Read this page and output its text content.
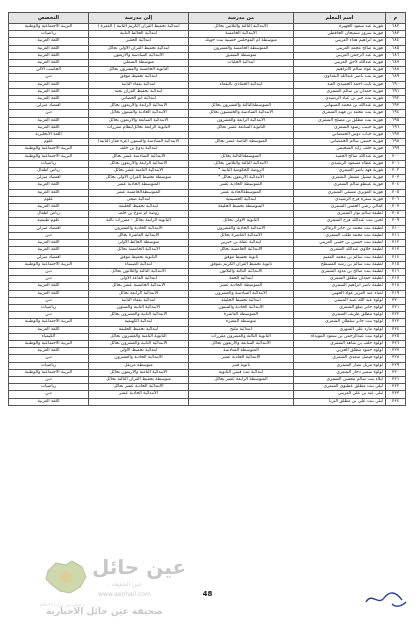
م	اسم المعلم	من مدرسة	إلى مدرسة	التخصص
٦٨٢	فوزية عيد سعود الجهيرة	الابتدائية الثالثة والثلاثين بحائل	ابتدائية تحفيظ القرآن الكريم الثانية ( الغفرة )	التربية الاجتماعية والوطنية
٦٨٣	فوزية سرور سميحان الحاقطي	الابتدائية الخامسة	ابتدائية الحائط الثانية	رياضيات
٦٨٤	فوزية ابراهيم هداء العريني	متوسطة ام الموحلس خضيبة بنت حويك	ابتدائية الحقير	اللغة العربية
٦٨٥	فوزية صالح محمد العريني	المتوسطة الخامسة والعشرون	ابتدائية تحفيظ القرآن الأولى بحائل	اللغة العربية
٦٨٦	فوزية عبد الرحمن العريني	متوسطة الشقيق	الابتدائية السادسة والأربعون	اللغة العربية
٦٨٧	فوزية عبدالله لاحق العريني	ابتدائية الحليات	متوسطة الشملي	اللغة العربية
٦٨٨	فوزية عواد سالم الابراهيم		الثانوية الخامسة والعشرون بحائل	الحاسب الآلي
٦٨٩	فوزية بنت ناصر عبدالله البغداوي		ابتدائية تحفيظ موقق	دين
٦٩٠	فوزية ثابت احمد الحميدي الغيد	ابتدائية الحمادي بالبقعاء	ابتدائية بقعاء الثانية	اللغة العربية
٦٩١	فوزية حمدان بن سالم الشمري		ابتدائية تحفيظ القرآن بجبة	اللغة العربية
٦٩٢	فوزية بنت جبر بن عياد الرشيدي		ابتدائية أبو الحصاني	اللغة العربية
٦٩٣	فوزية عبدالله بن محمد السبهاني	المتوسطةالثالثة والعشرون بحائل	الابتدائية الرابعة والأربعون بحائل	اقتصاد منزلي
٦٩٤	فوزية بنت محمد بن فهيد الشمري	الابتدائية السادسة والخمسون بحائل	الابتدائية الحادية والستون بحائل	دين
٦٩٥	فوزية بنت مطلق بن مصلح الشمري	الابتدائية الرابعة والعشرون	الابتدائية السابعة والأربعون بحائل	اللغة العربية
٦٩٦	فوزية حبيب رشود الشمري	الثانوية السابعة عشر بحائل	الثانوية الرابعة بحائل/نظام مقررات	اللغة العربية
٦٩٧	فوزية حباب دوس الحمضاني			اللغة الانجليزية
٦٩٨	فوزية حسين سالم الحمضاني	المتوسطة الثامنة عشر بحائل	الابتدائية السادسة والستون (غزة فقار الثانية)	علوم
٦٩٩	فوزية خلف زايد السحيمي		ابتدائية بدوع بن خلف	التربية الاجتماعية والوطنية
٧٠٠	فوزية عبدالله صالح الحميد	المتوسطةالثالثة بحائل	الابتدائية السادسة عشر بحائل	التربية الاجتماعية والوطنية
٧٠١	فوزية عطاء مسعود الرشيدي	الابتدائية الثالثة والثلاثين بحائل	الابتدائية الرابعة والأربعون بحائل	رياضيات
٧٠٢	فوزية فهد ناصر الشمري	الروضة الحكومية الثانية *	الابتدائية الثامنة عشر بحائل	رياض أطفال
٧٠٣	فوزية مشيل مشعل الشمري	الابتدائية الأربعون بحائل *	متوسطة تحفيظ القرآن الأولى بحائل	اقتصاد منزلي
٧٠٤	فوزية عبيطو سالم الشمري	المتوسطة الحادية عشر	المتوسطة الحادية عشر	اللغة العربية
٧٠٥	فوزية الغويري مسقي الشمري	المتوسطةالحادية عشر	المتوسطةالخامسة عشر	اللغة العربية
٧٠٦	فوزية سفرة فرج الرشيدي	ابتدائية الحسيمية	ابتدائية ضحى	علوم
٧٠٧	كمالي رضي الحسن الشمري	المتوسطة تحفيظ الحليفة	ابتدائية تحفيظ الحليفة	اللغة العربية
٧٠٨	لطيفة سالم نوار الشمري		روضة ام بدوع بن خلف	رياض أطفال
٧٠٩	لجين بنت عبدالله فرح الشمري	الثانوية الأولى بحائل	الثانوية الرابعة بحائل - مقررات ثالثة	علوم طبيعية
٧١٠	لطيفة بنت محمد بن جابر الرمالي	الابتدائية الحادية والعشرون	الابتدائية الحادية والعشرون	اقتصاد منزلي
٧١١	لطيفة بنت محمد طلب الشمري	الابتدائية العاشرة بحائل	الابتدائية العاشرة بحائل	دين
٧١٢	لطيفة بنت حسين بن حسن العريني	ابتدائية عقلة بن جبرين	متوسطة الحائط الأولى	اللغة العربية
٧١٣	لطيفة خلاوي عبدالله الشمري	الابتدائية الخامسة بحائل	الابتدائية الخامسة بحائل	اللغة العربية
٧١٤	لطيفة بنت سالم بن محمد العميم	ثانوية تحفيظ موقق	الثانوية تحفيظ موقق	اقتصاد منزلي
٧١٥	لطيفة بنت سالم بن رشد المسطح	ثانوية تحفيظ القرآن الكريم بموقق	ابتدائية الصنيتاء	التربية الاجتماعية والوطنية
٧١٦	لطيفة بنت صالح بن مدود الشمري	الابتدائية الثالثة والثلاثون	الابتدائية الثالثة والثلاثون بحائل	دين
٧١٧	لطيفة حمدان مطلق الشمري	ابتدائية الحفة	ابتدائية القاعد الأولى	دين
٧١٨	لطيفة ناصر ابراهيم الشمري	المتوسطة الحادية عشر	الابتدائية الخامسة عشر بحائل	اللغة العربية
٧١٩	لمياء عبد العزيز عواد الجهني	الابتدائية السادسة والعشرون	الابتدائية الرابعة بحائل	اللغة العربية
٧٢٠	لولوه عبد الله عبيد المنيفي	ابتدائية تحفيظ الحليفة	ابتدائية بقعاء الثانية	دين
٧٢١	لولوه جابر ضلع الشمري	الابتدائية الحادية والستون	الابتدائية الثانية والستون	رياضيات
٧٢٢	لولوه مطلق طريف الشمري	المتوسطة العاشرة	الابتدائية الثانية والعشرون بحائل	دين
٧٢٣	لولوه بنت جابر سلطان الشمري	متوسطة المعيره	ابتدائية الكهيفية	التربية الاجتماعية والوطنية
٧٢٤	لولوه مارد على الشهري	ابتدائية تبليح	ابتدائية تحفيظ الحليفة	اللغة العربية
٧٢٥	لولوه بنت عبدالرحمن بن سعود المويداه	الثانوية الثالثة والعشرون مقررات	الثانوية الثامنة والعشرون بحائل	الكيمياء
٧٢٦	لولوه خلف بن شاهد الشمري	الابتدائية السابعة والأربعون بحائل	الابتدائية الثانية والعشرون بحائل	التربية الاجتماعية والوطنية
٧٢٧	لولوه حمود مطلق الحربي	المتوسطة السادسة	ابتدائية تحفيظ الأولى	اللغة العربية
٧٢٨	لولوه فيصل سعدي الشمري	الابتدائية الحادية عشر	الابتدائية الحادية والعشرون	دين
٧٢٩	لولوه مزيل نصار الشمري	ثانوية قنبر	متوسطة مريقل	رياضيات
٧٣٠	لولوه سمير دجار الشمري	ابتدائية بنت قيس الثانوية	الابتدائية الثامنة والأربعون بحائل	التربية الاجتماعية والوطنية
٧٣١	ليلاء بنت سالم محسن الشمري	المتوسطة الرابعة عشر بحائل	متوسطة تحفيظ القرآن الثالثة بحائل	دين
٧٣٢	ليلى بنت مطلق عطيوي الشمري		الابتدائية الحادية عشر بحائل	رياضيات
٧٣٣	ليلى عيد بن علي العريني		الابتدائية الحادية عشر	دين
٧٣٤	ليلى بنت علي بن مطلق الثريا			اللغة العربية
48
عين حائل
عين الحقيقة ..
www.aenhail.com
صحيفة عين حائل الاخبارية
ترخيص من وزارة الاعلام
